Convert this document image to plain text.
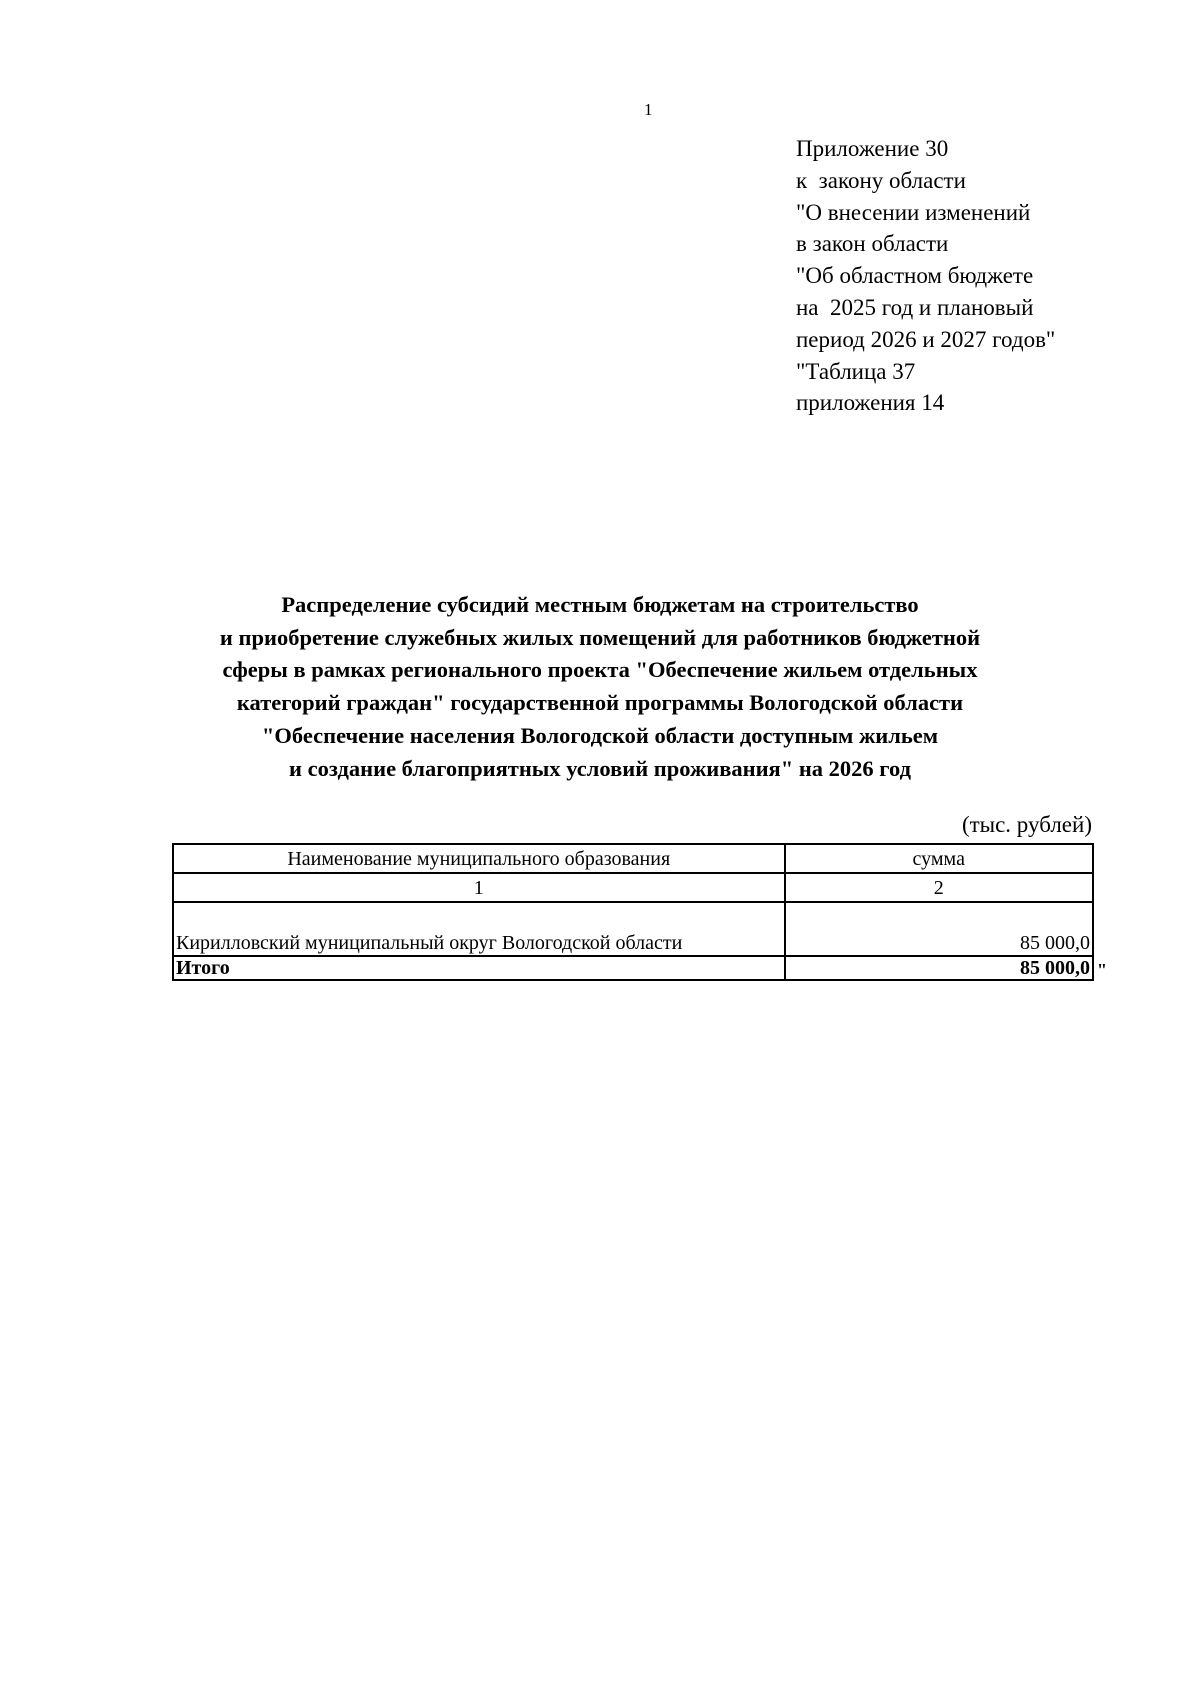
1
Приложение 30
к  закону области
"О внесении изменений
в закон области
"Об областном бюджете
на  2025 год и плановый
период 2026 и 2027 годов"
"Таблица 37
приложения 14
Распределение субсидий местным бюджетам на строительство
и приобретение служебных жилых помещений для работников бюджетной
сферы в рамках регионального проекта "Обеспечение жильем отдельных
категорий граждан" государственной программы Вологодской области
"Обеспечение населения Вологодской области доступным жильем
и создание благоприятных условий проживания" на 2026 год
(тыс. рублей)
Наименование муниципального образования	сумма
1	2
Кирилловский муниципальный округ Вологодской области	85 000,0
Итого	85 000,0 "
